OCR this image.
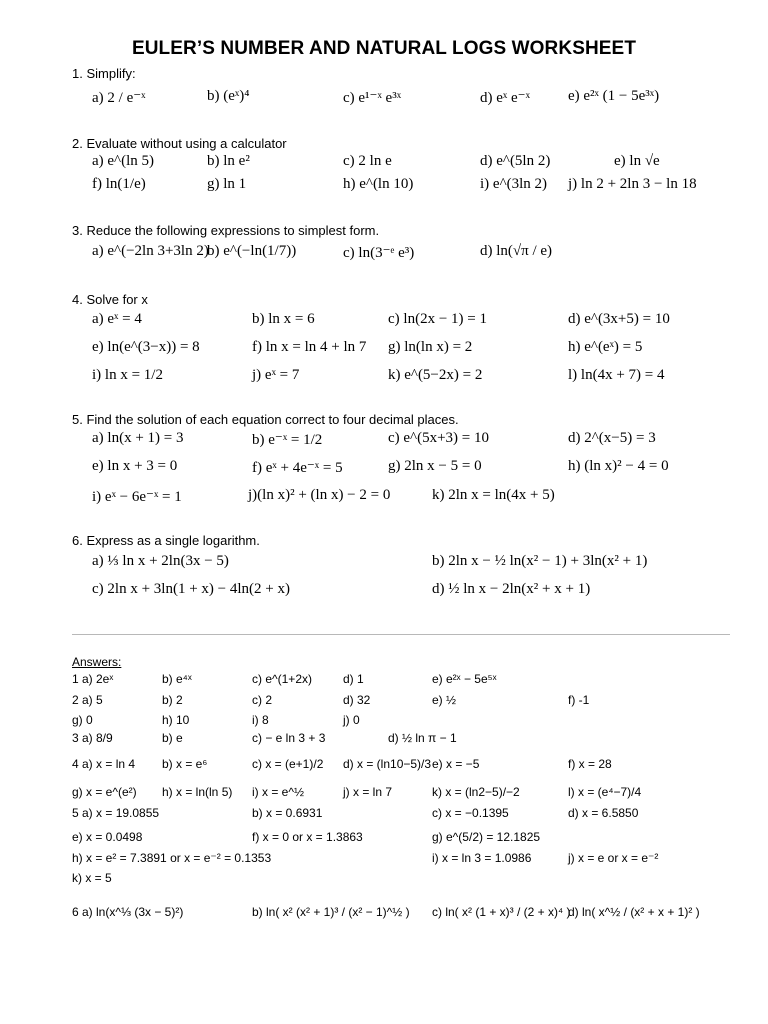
EULER’S NUMBER AND NATURAL LOGS WORKSHEET
1. Simplify:
a) 2 / e⁻ˣ	b) (eˣ)⁴	c) e¹⁻ˣ e³ˣ	d) eˣ e⁻ˣ	e) e²ˣ (1 − 5e³ˣ)
2. Evaluate without using a calculator
a) e^(ln 5)	b) ln e²	c) 2 ln e	d) e^(5ln 2)	e) ln √e
f) ln(1/e)	g) ln 1	h) e^(ln 10)	i) e^(3ln 2) j) ln 2 + 2ln 3 − ln 18
3. Reduce the following expressions to simplest form.
a) e^(−2ln 3+3ln 2)
b) e^(−ln(1/7))	c) ln(3⁻ᵉ e³)	d) ln(√π / e)
4. Solve for x
a) eˣ = 4	b) ln x = 6	c) ln(2x − 1) = 1	d) e^(3x+5) = 10
e) ln(e^(3−x)) = 8	f) ln x = ln 4 + ln 7 g) ln(ln x) = 2	h) e^(eˣ) = 5
i) ln x = 1/2	j) eˣ = 7	k) e^(5−2x) = 2	l) ln(4x + 7) = 4
5. Find the solution of each equation correct to four decimal places.
a) ln(x + 1) = 3	b) e⁻ˣ = 1/2	c) e^(5x+3) = 10	d) 2^(x−5) = 3
e) ln x + 3 = 0	f) eˣ + 4e⁻ˣ = 5	g) 2ln x − 5 = 0	h) (ln x)² − 4 = 0
i) eˣ − 6e⁻ˣ = 1	j)(ln x)² + (ln x) − 2 = 0	k) 2ln x = ln(4x + 5)
6. Express as a single logarithm.
a) ⅓ ln x + 2ln(3x − 5)	b) 2ln x − ½ ln(x² − 1) + 3ln(x² + 1)
c) 2ln x + 3ln(1 + x) − 4ln(2 + x)	d) ½ ln x − 2ln(x² + x + 1)
Answers:
1 a) 2eˣ	b) e⁴ˣ	c) e^(1+2x)	d) 1	e) e²ˣ − 5e⁵ˣ
2 a) 5	b) 2	c) 2	d) 32	e) ½	f) -1
g) 0	h) 10	i) 8	j) 0
3 a) 8/9	b) e	c) − e ln 3 + 3	d) ½ ln π − 1
4 a) x = ln 4 b) x = e⁶	c) x = (e+1)/2 d) x = (ln10−5)/3 e) x = −5	f) x = 28
g) x = e^(e²) h) x = ln(ln 5) i) x = e^½	j) x = ln 7	k) x = (ln2−5)/−2	l) x = (e⁴−7)/4
5 a) x = 19.0855	b) x = 0.6931	c) x = −0.1395	d) x = 6.5850
e) x = 0.0498	f) x = 0 or x = 1.3863	g) e^(5/2) = 12.1825
h) x = e² = 7.3891 or x = e⁻² = 0.1353	i) x = ln 3 = 1.0986	j) x = e or x = e⁻²
k) x = 5
6 a) ln(x^⅓ (3x − 5)²)	b) ln( x² (x² + 1)³ / (x² − 1)^½ ) c) ln( x² (1 + x)³ / (2 + x)⁴ )
d) ln( x^½ / (x² + x + 1)² )
